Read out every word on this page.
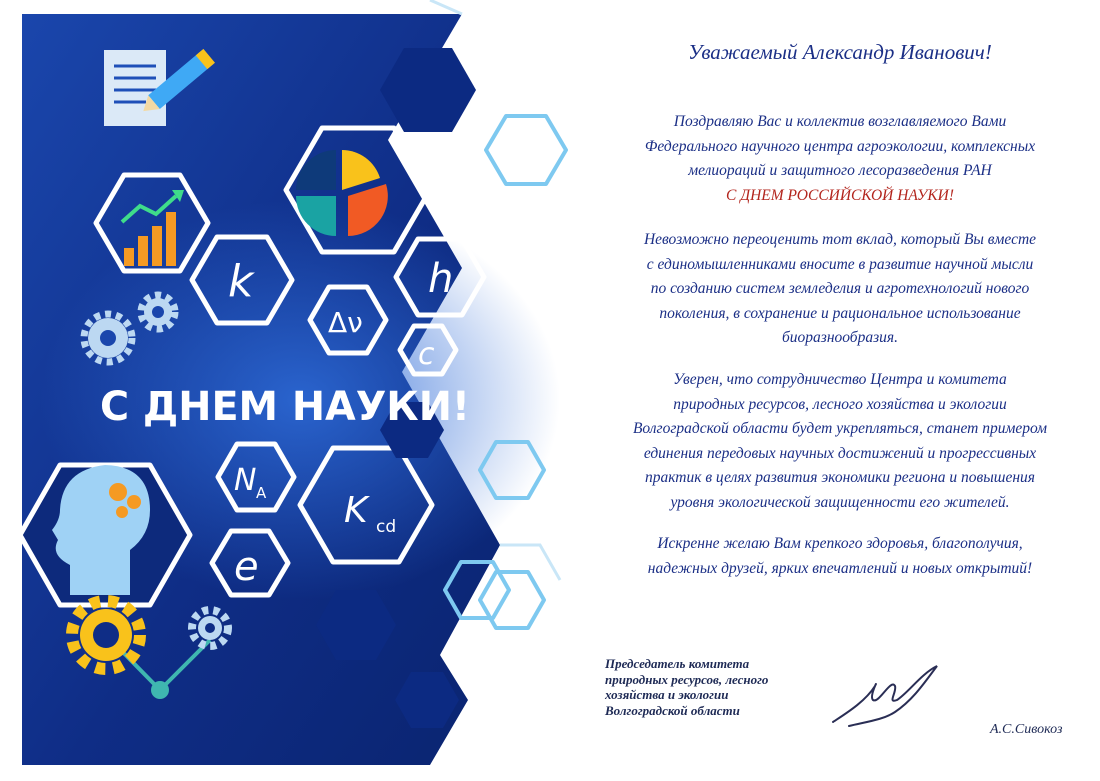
k	h
Δν
c
N A
e
K cd
С ДНЕМ НАУКИ!
Уважаемый Александр Иванович!
Поздравляю Вас и коллектив возглавляемого Вами
Федерального научного центра агроэкологии, комплексных
мелиораций и защитного лесоразведения РАН
С ДНЕМ РОССИЙСКОЙ НАУКИ!
Невозможно переоценить тот вклад, который Вы вместе
с единомышленниками вносите в развитие научной мысли
по созданию систем земледелия и агротехнологий нового
поколения, в сохранение и рациональное использование
биоразнообразия.
Уверен, что сотрудничество Центра и комитета
природных ресурсов, лесного хозяйства и экологии
Волгоградской области будет укрепляться, станет примером
единения передовых научных достижений и прогрессивных
практик в целях развития экономики региона и повышения
уровня экологической защищенности его жителей.
Искренне желаю Вам крепкого здоровья, благополучия,
надежных друзей, ярких впечатлений и новых открытий!
Председатель комитета
природных ресурсов, лесного
хозяйства и экологии
Волгоградской области
А.С.Сивокоз
